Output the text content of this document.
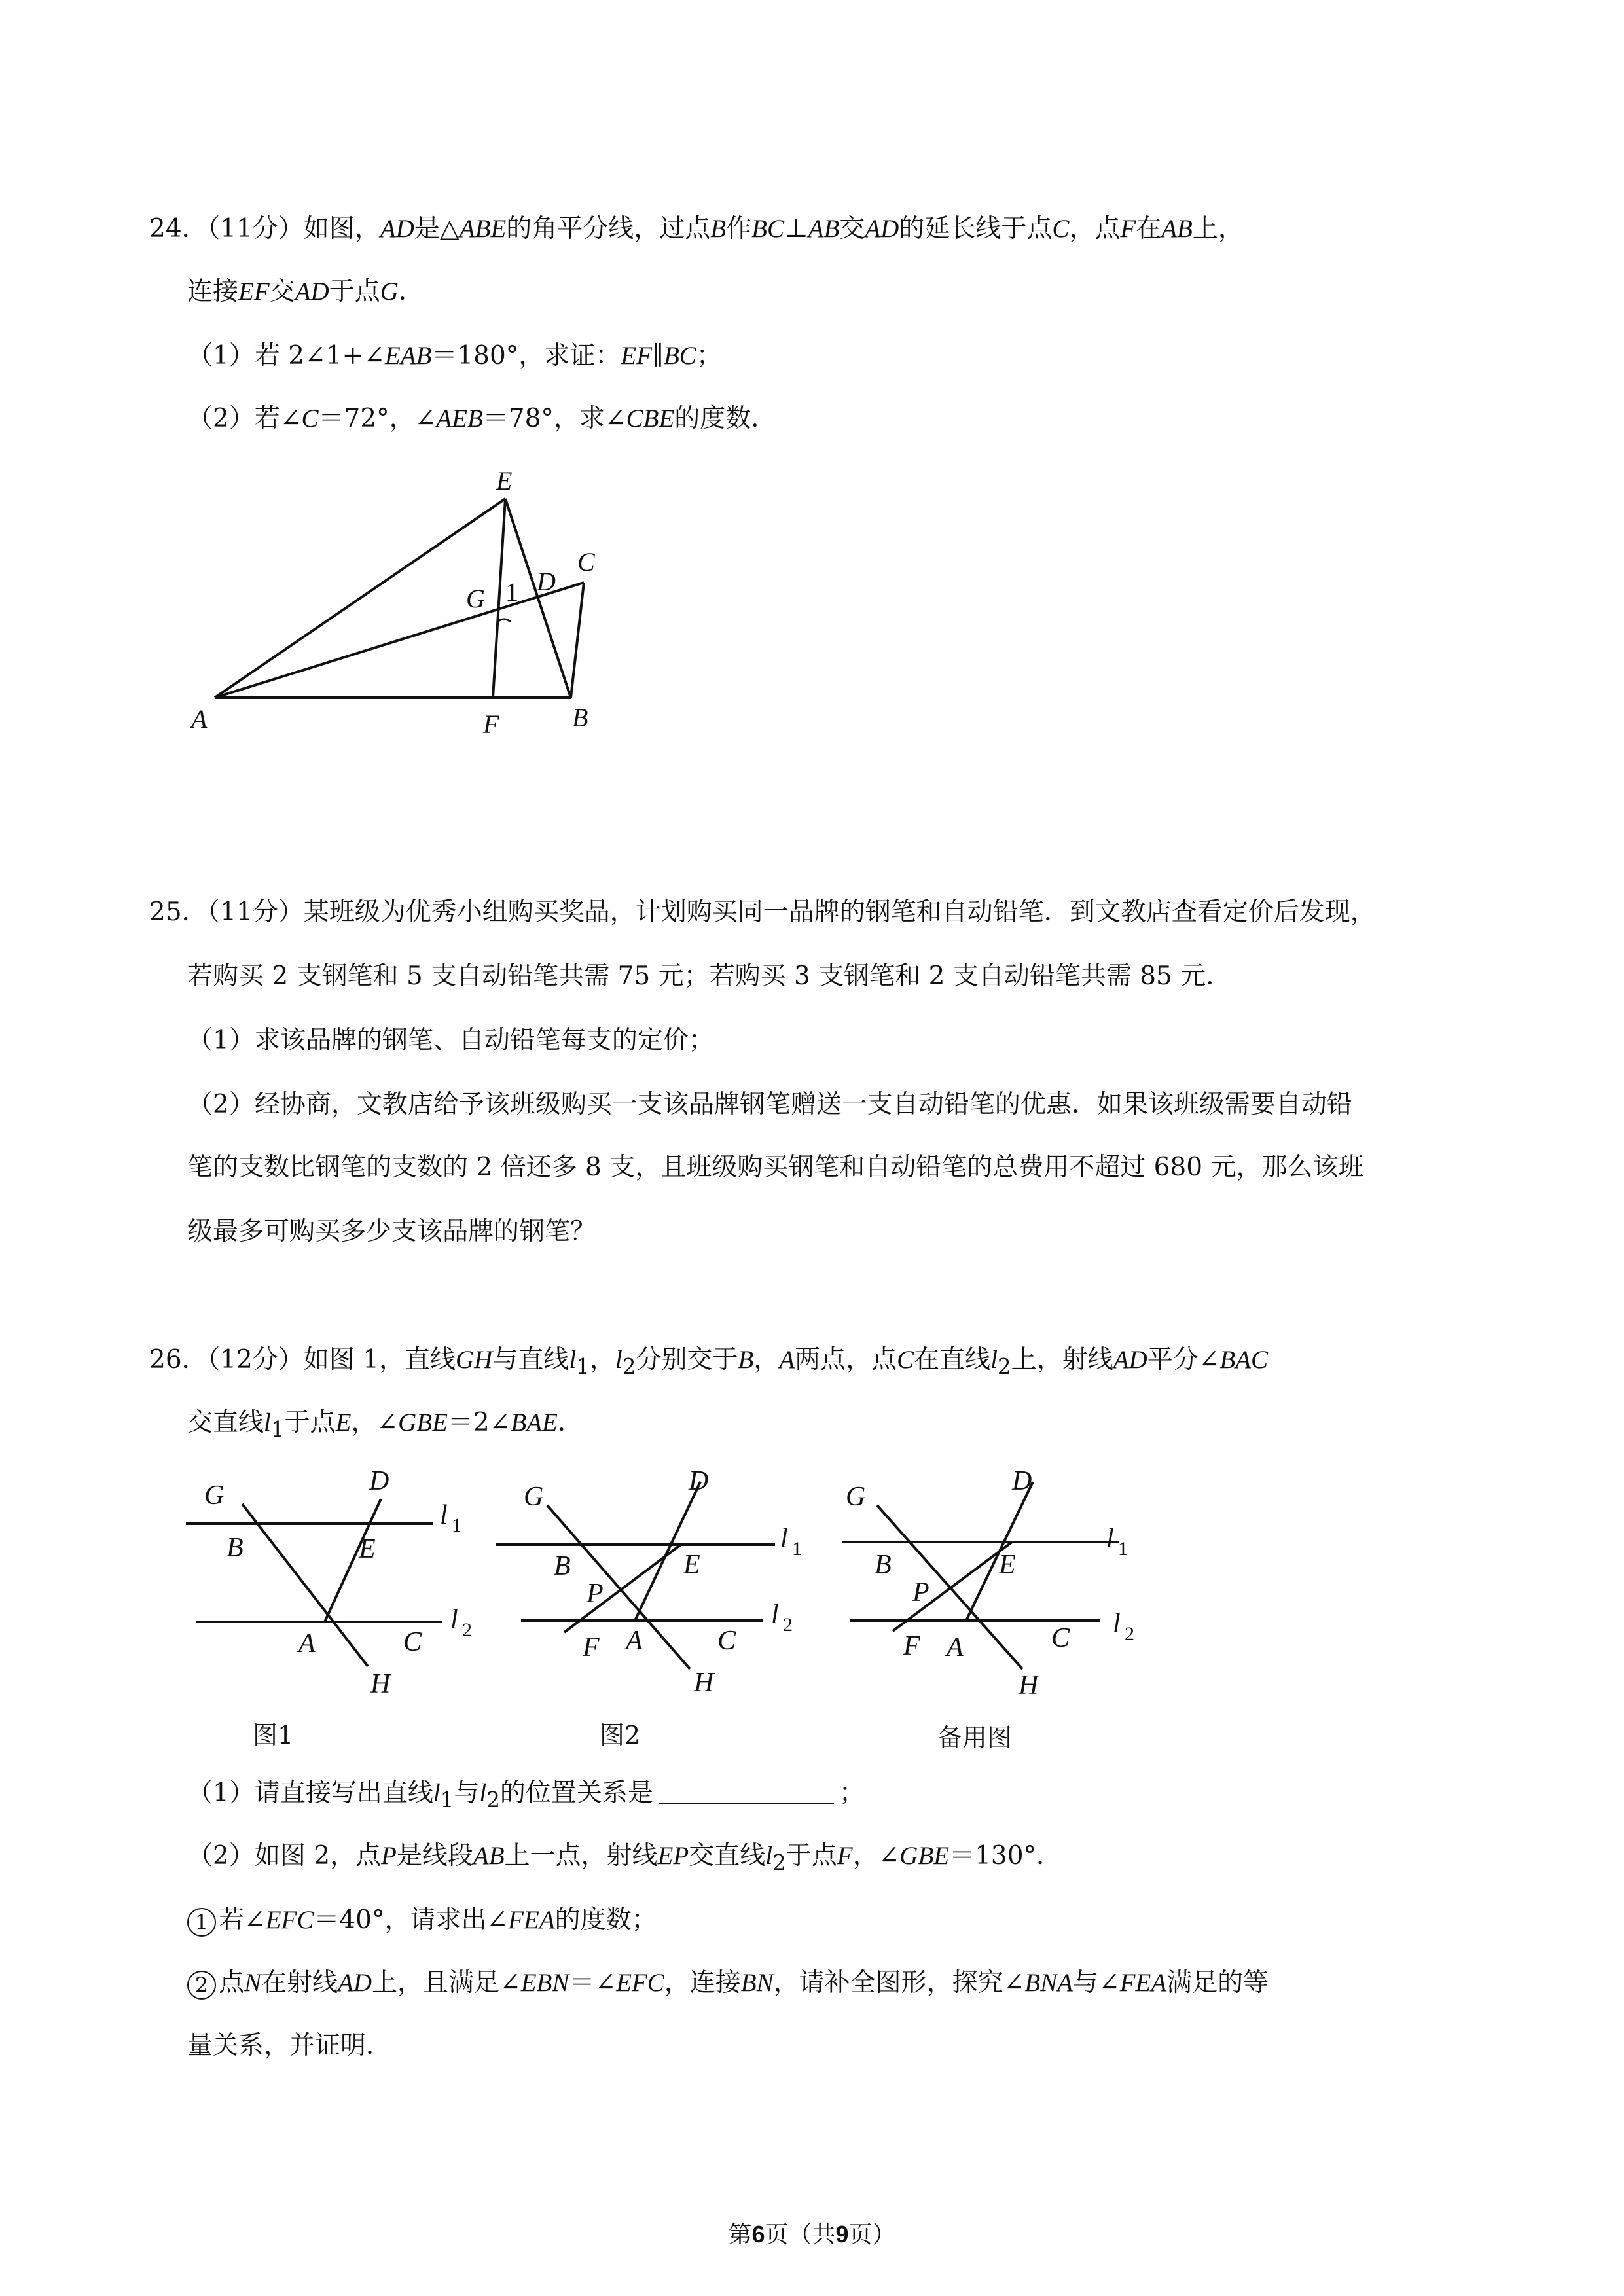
24．（11分）如图，AD是△ABE的角平分线，过点B作BC⊥AB交AD的延长线于点C，点F在AB上，
连接EF交AD于点G．
（1）若 2∠1+∠EAB＝180°，求证：EF∥BC；
（2）若∠C＝72°，∠AEB＝78°，求∠CBE的度数．
E
C
G 1 D
A	F	B
25．（11分）某班级为优秀小组购买奖品，计划购买同一品牌的钢笔和自动铅笔．到文教店查看定价后发现，
若购买 2 支钢笔和 5 支自动铅笔共需 75 元；若购买 3 支钢笔和 2 支自动铅笔共需 85 元．
（1）求该品牌的钢笔、自动铅笔每支的定价；
（2）经协商，文教店给予该班级购买一支该品牌钢笔赠送一支自动铅笔的优惠．如果该班级需要自动铅
笔的支数比钢笔的支数的 2 倍还多 8 支，且班级购买钢笔和自动铅笔的总费用不超过 680 元，那么该班
级最多可购买多少支该品牌的钢笔？
26．（12分）如图 1，直线GH与直线$l_1$，$l_2$分别交于B，A两点，点C在直线$l_2$上，射线AD平分∠BAC
交直线$l_1$于点E，∠GBE＝2∠BAE．
G	D
l 1
B	E
l 2
A	C
H
G
D
l 1
B	E
P
l 2
F A	C
H
G
D
l 1
B	E
P
l 2
F A	C
H
图1	图2	备用图
（1）请直接写出直线$l_1$与$l_2$的位置关系是	；
（2）如图 2，点P是线段AB上一点，射线EP交直线$l_2$于点F，∠GBE＝130°．
1 若∠EFC＝40°，请求出∠FEA的度数；
2 点N在射线AD上，且满足∠EBN＝∠EFC，连接BN，请补全图形，探究∠BNA与∠FEA满足的等
量关系，并证明．
第6页（共9页）
